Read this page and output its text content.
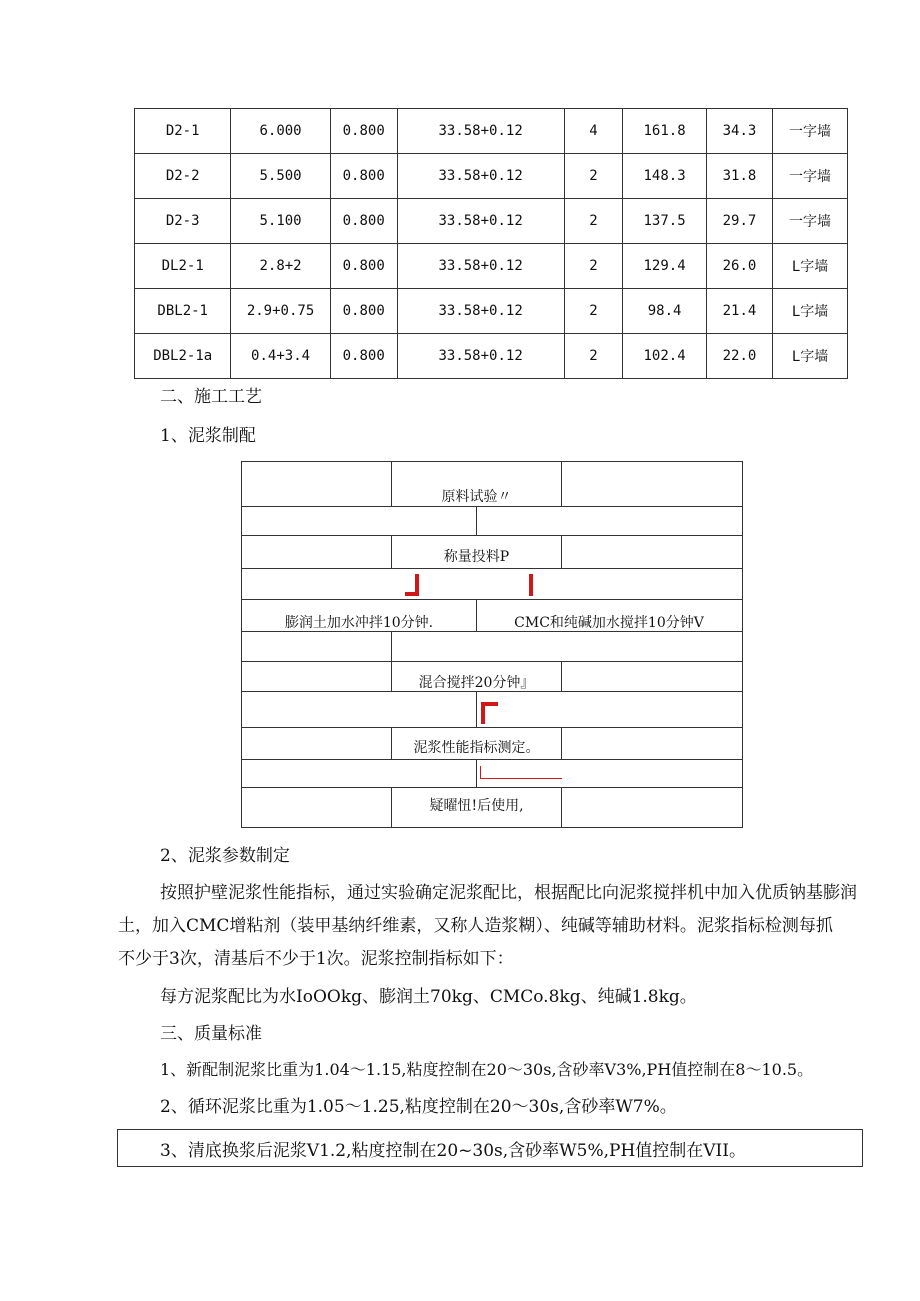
D2-1	6.000	0.800	33.58+0.12	4	161.8	34.3	一字墙
D2-2	5.500	0.800	33.58+0.12	2	148.3	31.8	一字墙
D2-3	5.100	0.800	33.58+0.12	2	137.5	29.7	一字墙
DL2-1	2.8+2	0.800	33.58+0.12	2	129.4	26.0	L字墙
DBL2-1	2.9+0.75	0.800	33.58+0.12	2	98.4	21.4	L字墙
DBL2-1a	0.4+3.4	0.800	33.58+0.12	2	102.4	22.0	L字墙
二、施工工艺
1、泥浆制配
原料试验〃
称量投料P
膨润土加水冲拌10分钟.	CMC和纯碱加水搅拌10分钟V
混合搅拌20分钟』
泥浆性能指标测定。
疑曜忸!后使用,
2、泥浆参数制定
按照护壁泥浆性能指标，通过实验确定泥浆配比，根据配比向泥浆搅拌机中加入优质钠基膨润
土，加入CMC增粘剂（装甲基纳纤维素，又称人造浆糊）、纯碱等辅助材料。泥浆指标检测每抓
不少于3次，清基后不少于1次。泥浆控制指标如下：
每方泥浆配比为水IoOOkg、膨润土70kg、CMCo.8kg、纯碱1.8kg。
三、质量标准
1、新配制泥浆比重为1.04～1.15,粘度控制在20～30s,含砂率V3%,PH值控制在8～10.5。
2、循环泥浆比重为1.05～1.25,粘度控制在20～30s,含砂率W7%。
3、清底换浆后泥浆V1.2,粘度控制在20~30s,含砂率W5%,PH值控制在VII。
